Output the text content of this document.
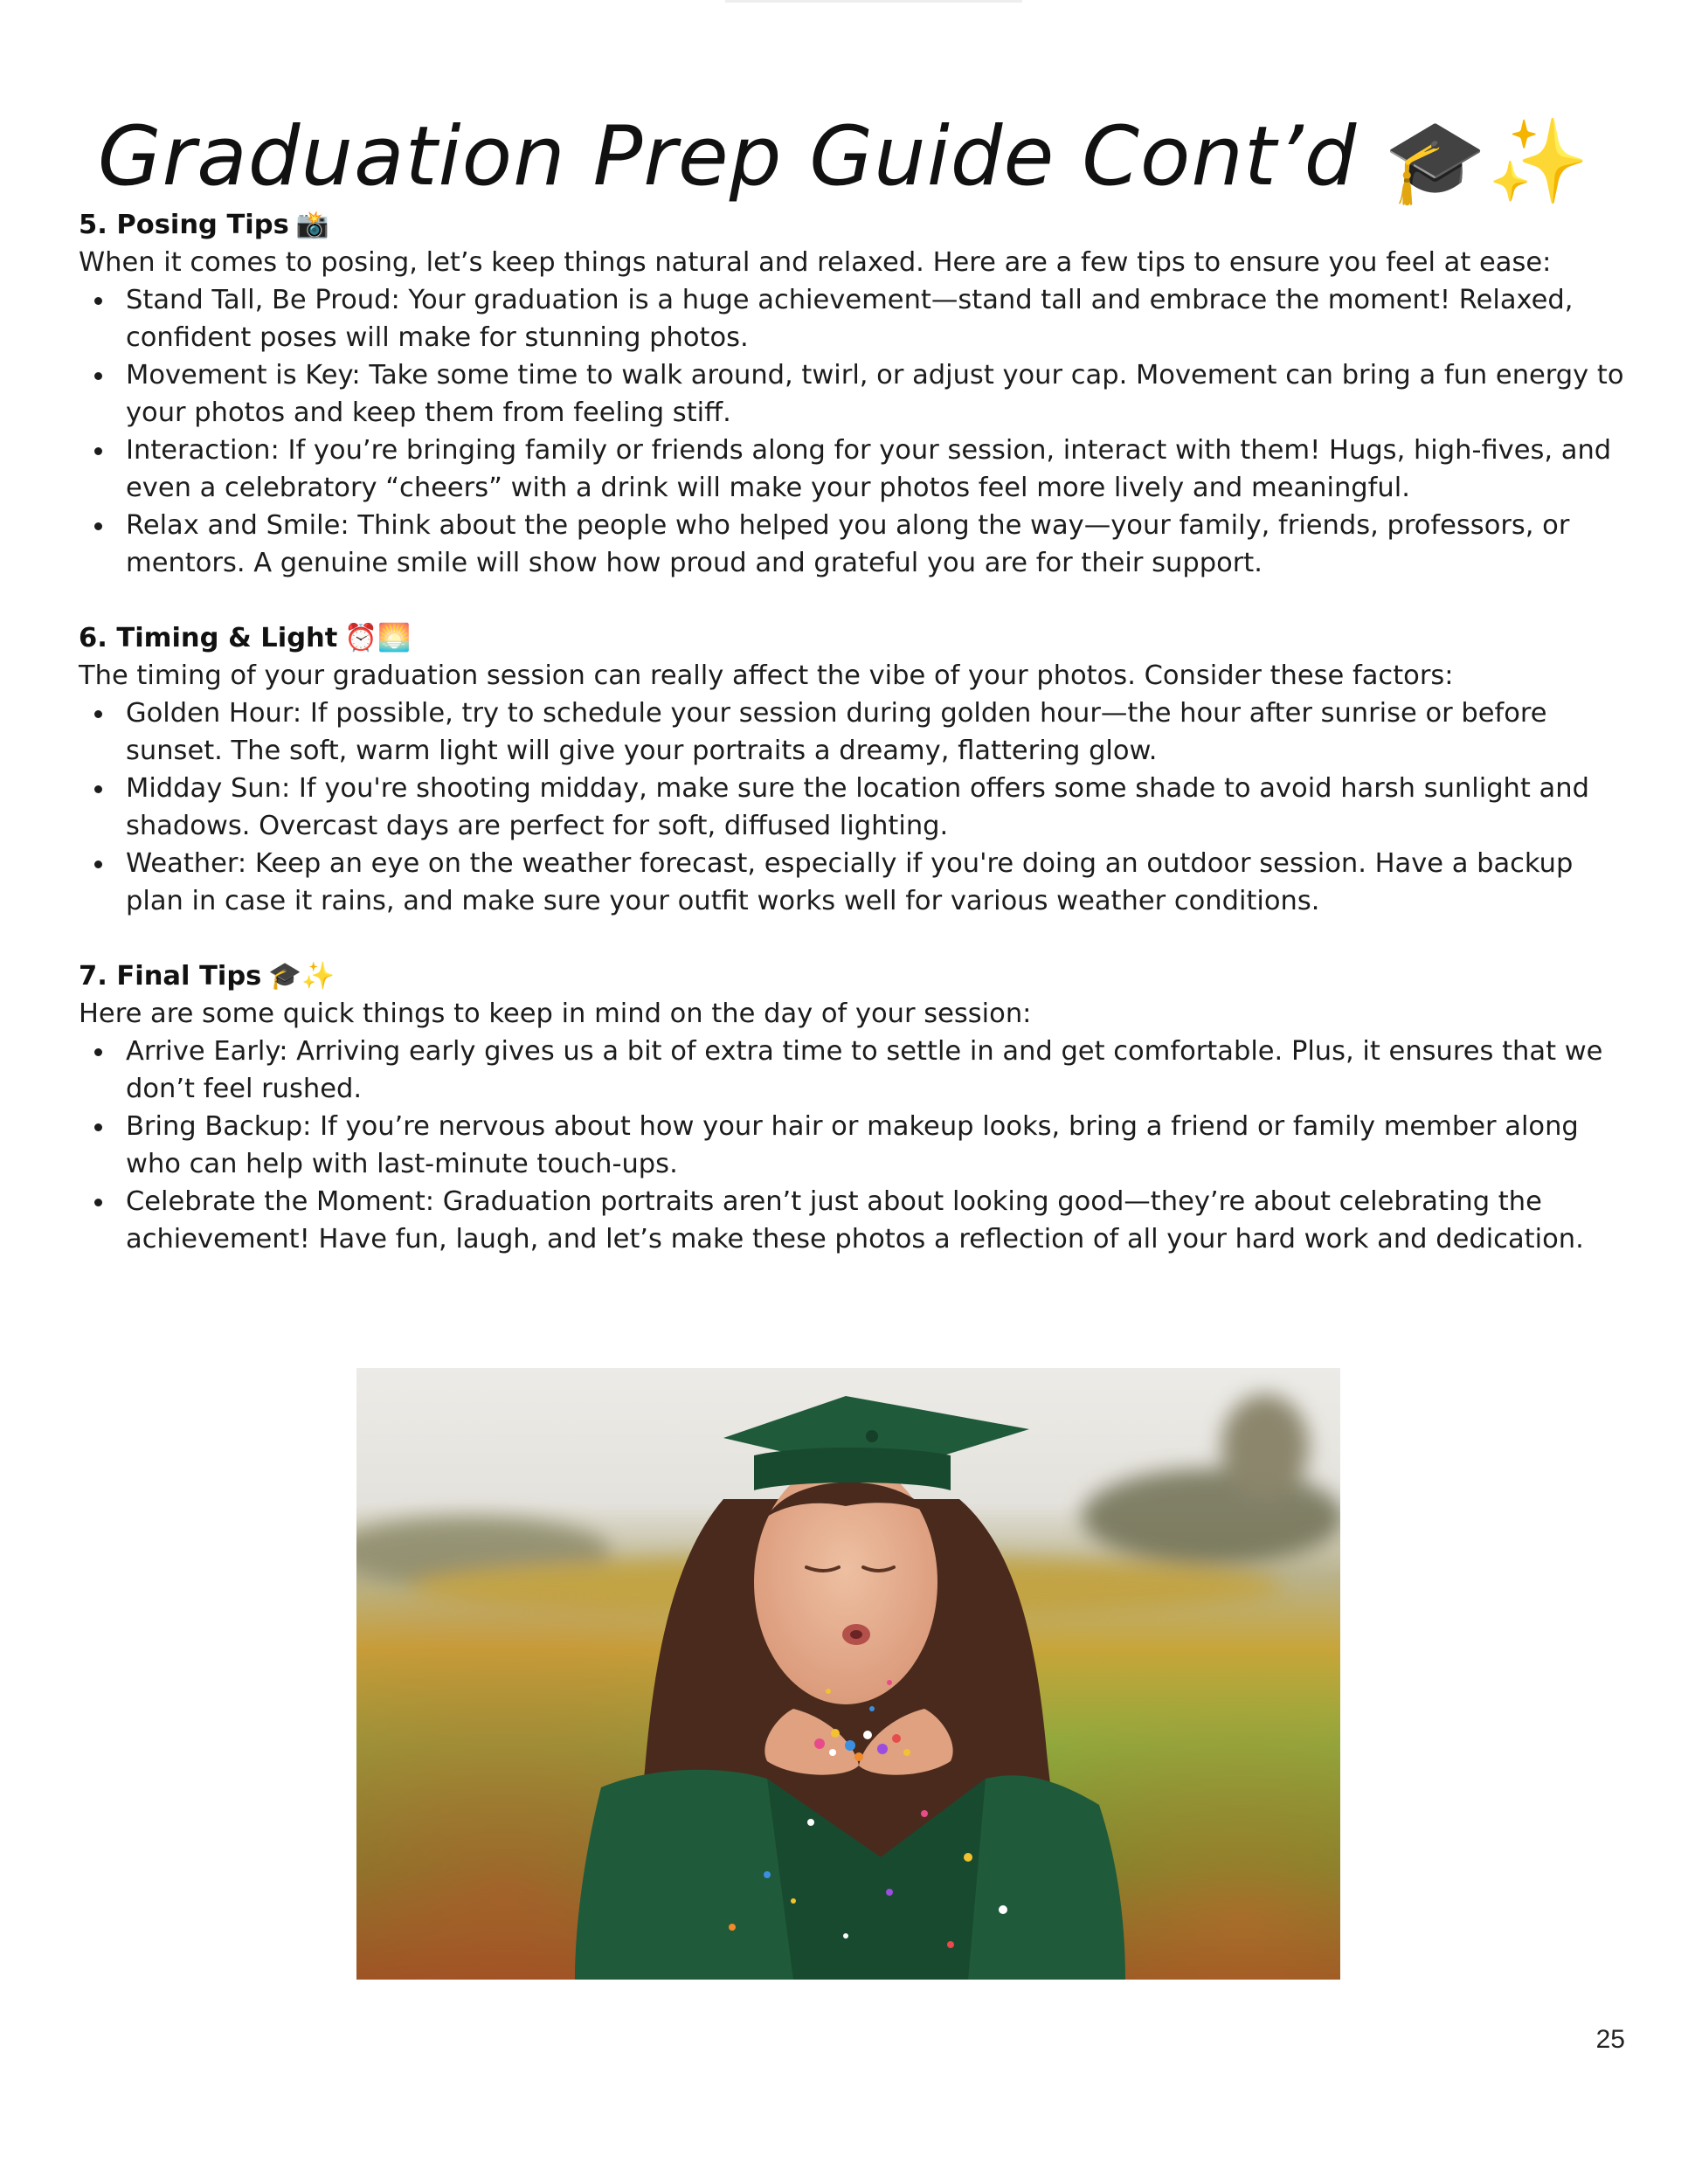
Graduation Prep Guide Cont’d 🎓✨

5. Posing Tips 📸

When it comes to posing, let’s keep things natural and relaxed. Here are a few tips to ensure you feel at ease:

Stand Tall, Be Proud: Your graduation is a huge achievement—stand tall and embrace the moment! Relaxed, confident poses will make for stunning photos.
Movement is Key: Take some time to walk around, twirl, or adjust your cap. Movement can bring a fun energy to your photos and keep them from feeling stiff.
Interaction: If you’re bringing family or friends along for your session, interact with them! Hugs, high-fives, and even a celebratory “cheers” with a drink will make your photos feel more lively and meaningful.
Relax and Smile: Think about the people who helped you along the way—your family, friends, professors, or mentors. A genuine smile will show how proud and grateful you are for their support.

6. Timing & Light ⏰🌅

The timing of your graduation session can really affect the vibe of your photos. Consider these factors:

Golden Hour: If possible, try to schedule your session during golden hour—the hour after sunrise or before sunset. The soft, warm light will give your portraits a dreamy, flattering glow.
Midday Sun: If you're shooting midday, make sure the location offers some shade to avoid harsh sunlight and shadows. Overcast days are perfect for soft, diffused lighting.
Weather: Keep an eye on the weather forecast, especially if you're doing an outdoor session. Have a backup plan in case it rains, and make sure your outfit works well for various weather conditions.

7. Final Tips 🎓✨

Here are some quick things to keep in mind on the day of your session:

Arrive Early: Arriving early gives us a bit of extra time to settle in and get comfortable. Plus, it ensures that we don’t feel rushed.
Bring Backup: If you’re nervous about how your hair or makeup looks, bring a friend or family member along who can help with last-minute touch-ups.
Celebrate the Moment: Graduation portraits aren’t just about looking good—they’re about celebrating the achievement! Have fun, laugh, and let’s make these photos a reflection of all your hard work and dedication.
25
